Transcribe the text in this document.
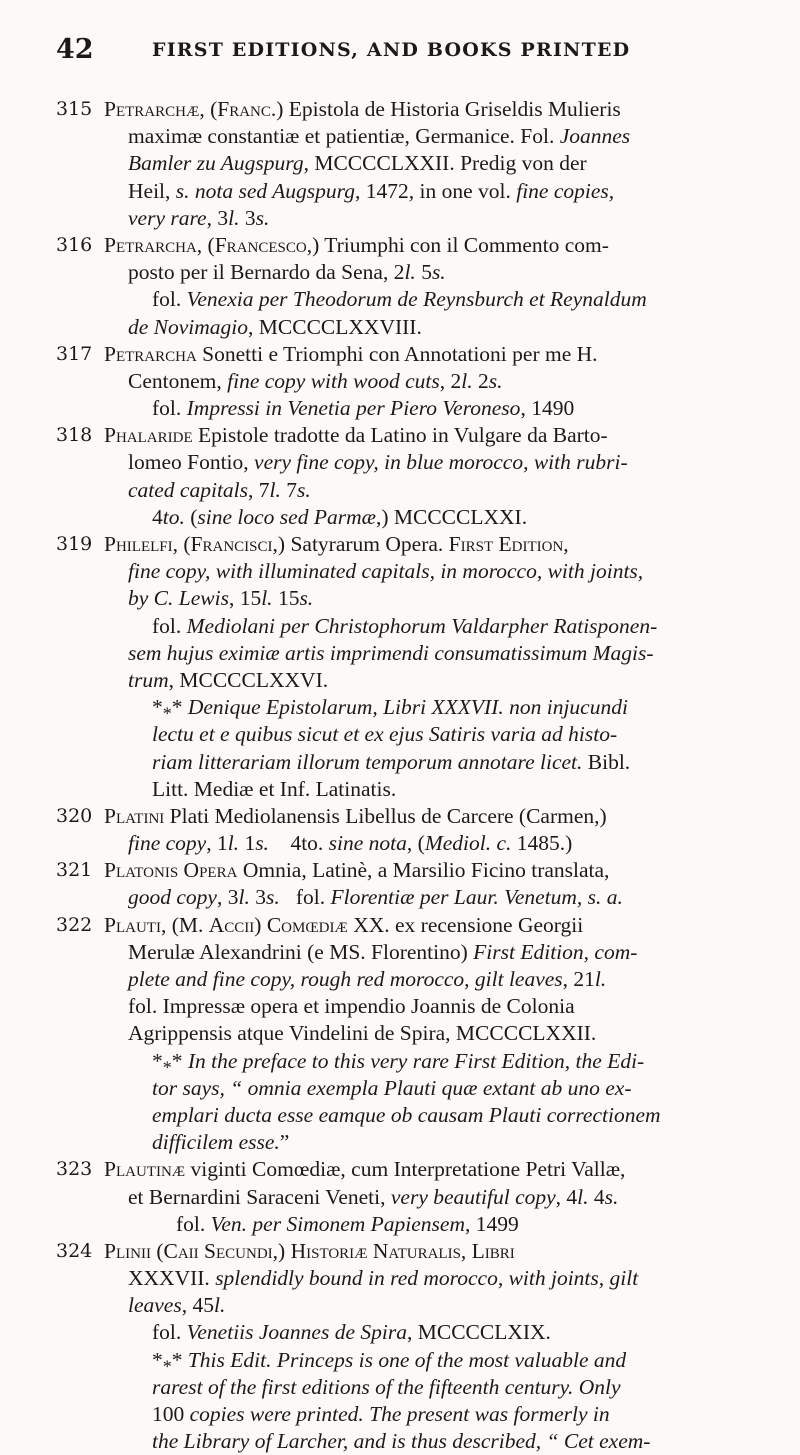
42	FIRST EDITIONS, AND BOOKS PRINTED
315 Petrarchæ, (Franc.) Epistola de Historia Griseldis Mulieris
maximæ constantiæ et patientiæ, Germanice. Fol. Joannes
Bamler zu Augspurg, MCCCCLXXII. Predig von der
Heil, s. nota sed Augspurg, 1472, in one vol. fine copies,
very rare, 3l. 3s.
316 Petrarcha, (Francesco,) Triumphi con il Commento com-
posto per il Bernardo da Sena, 2l. 5s.
fol. Venexia per Theodorum de Reynsburch et Reynaldum
de Novimagio, MCCCCLXXVIII.
317 Petrarcha Sonetti e Triomphi con Annotationi per me H.
Centonem, fine copy with wood cuts, 2l. 2s.
fol. Impressi in Venetia per Piero Veroneso, 1490
318 Phalaride Epistole tradotte da Latino in Vulgare da Barto-
lomeo Fontio, very fine copy, in blue morocco, with rubri-
cated capitals, 7l. 7s.
4to. (sine loco sed Parmæ,) MCCCCLXXI.
319 Philelfi, (Francisci,) Satyrarum Opera. First Edition,
fine copy, with illuminated capitals, in morocco, with joints,
by C. Lewis, 15l. 15s.
fol. Mediolani per Christophorum Valdarpher Ratisponen-
sem hujus eximiæ artis imprimendi consumatissimum Magis-
trum, MCCCCLXXVI.
$*_**$ Denique Epistolarum, Libri XXXVII. non injucundi
lectu et e quibus sicut et ex ejus Satiris varia ad histo-
riam litterariam illorum temporum annotare licet. Bibl.
Litt. Mediæ et Inf. Latinatis.
320 Platini Plati Mediolanensis Libellus de Carcere (Carmen,)
fine copy, 1l. 1s.    4to. sine nota, (Mediol. c. 1485.)
321 Platonis Opera Omnia, Latinè, a Marsilio Ficino translata,
good copy, 3l. 3s.   fol. Florentiæ per Laur. Venetum, s. a.
322 Plauti, (M. Accii) Comœdiæ XX. ex recensione Georgii
Merulæ Alexandrini (e MS. Florentino) First Edition, com-
plete and fine copy, rough red morocco, gilt leaves, 21l.
fol. Impressæ opera et impendio Joannis de Colonia
Agrippensis atque Vindelini de Spira, MCCCCLXXII.
$*_**$ In the preface to this very rare First Edition, the Edi-
tor says, “ omnia exempla Plauti quæ extant ab uno ex-
emplari ducta esse eamque ob causam Plauti correctionem
difficilem esse.”
323 Plautinæ viginti Comœdiæ, cum Interpretatione Petri Vallæ,
et Bernardini Saraceni Veneti, very beautiful copy, 4l. 4s.
fol. Ven. per Simonem Papiensem, 1499
324 Plinii (Caii Secundi,) Historiæ Naturalis, Libri
XXXVII. splendidly bound in red morocco, with joints, gilt
leaves, 45l.
fol. Venetiis Joannes de Spira, MCCCCLXIX.
$*_**$ This Edit. Princeps is one of the most valuable and
rarest of the first editions of the fifteenth century. Only
100 copies were printed. The present was formerly in
the Library of Larcher, and is thus described, “ Cet exem-
